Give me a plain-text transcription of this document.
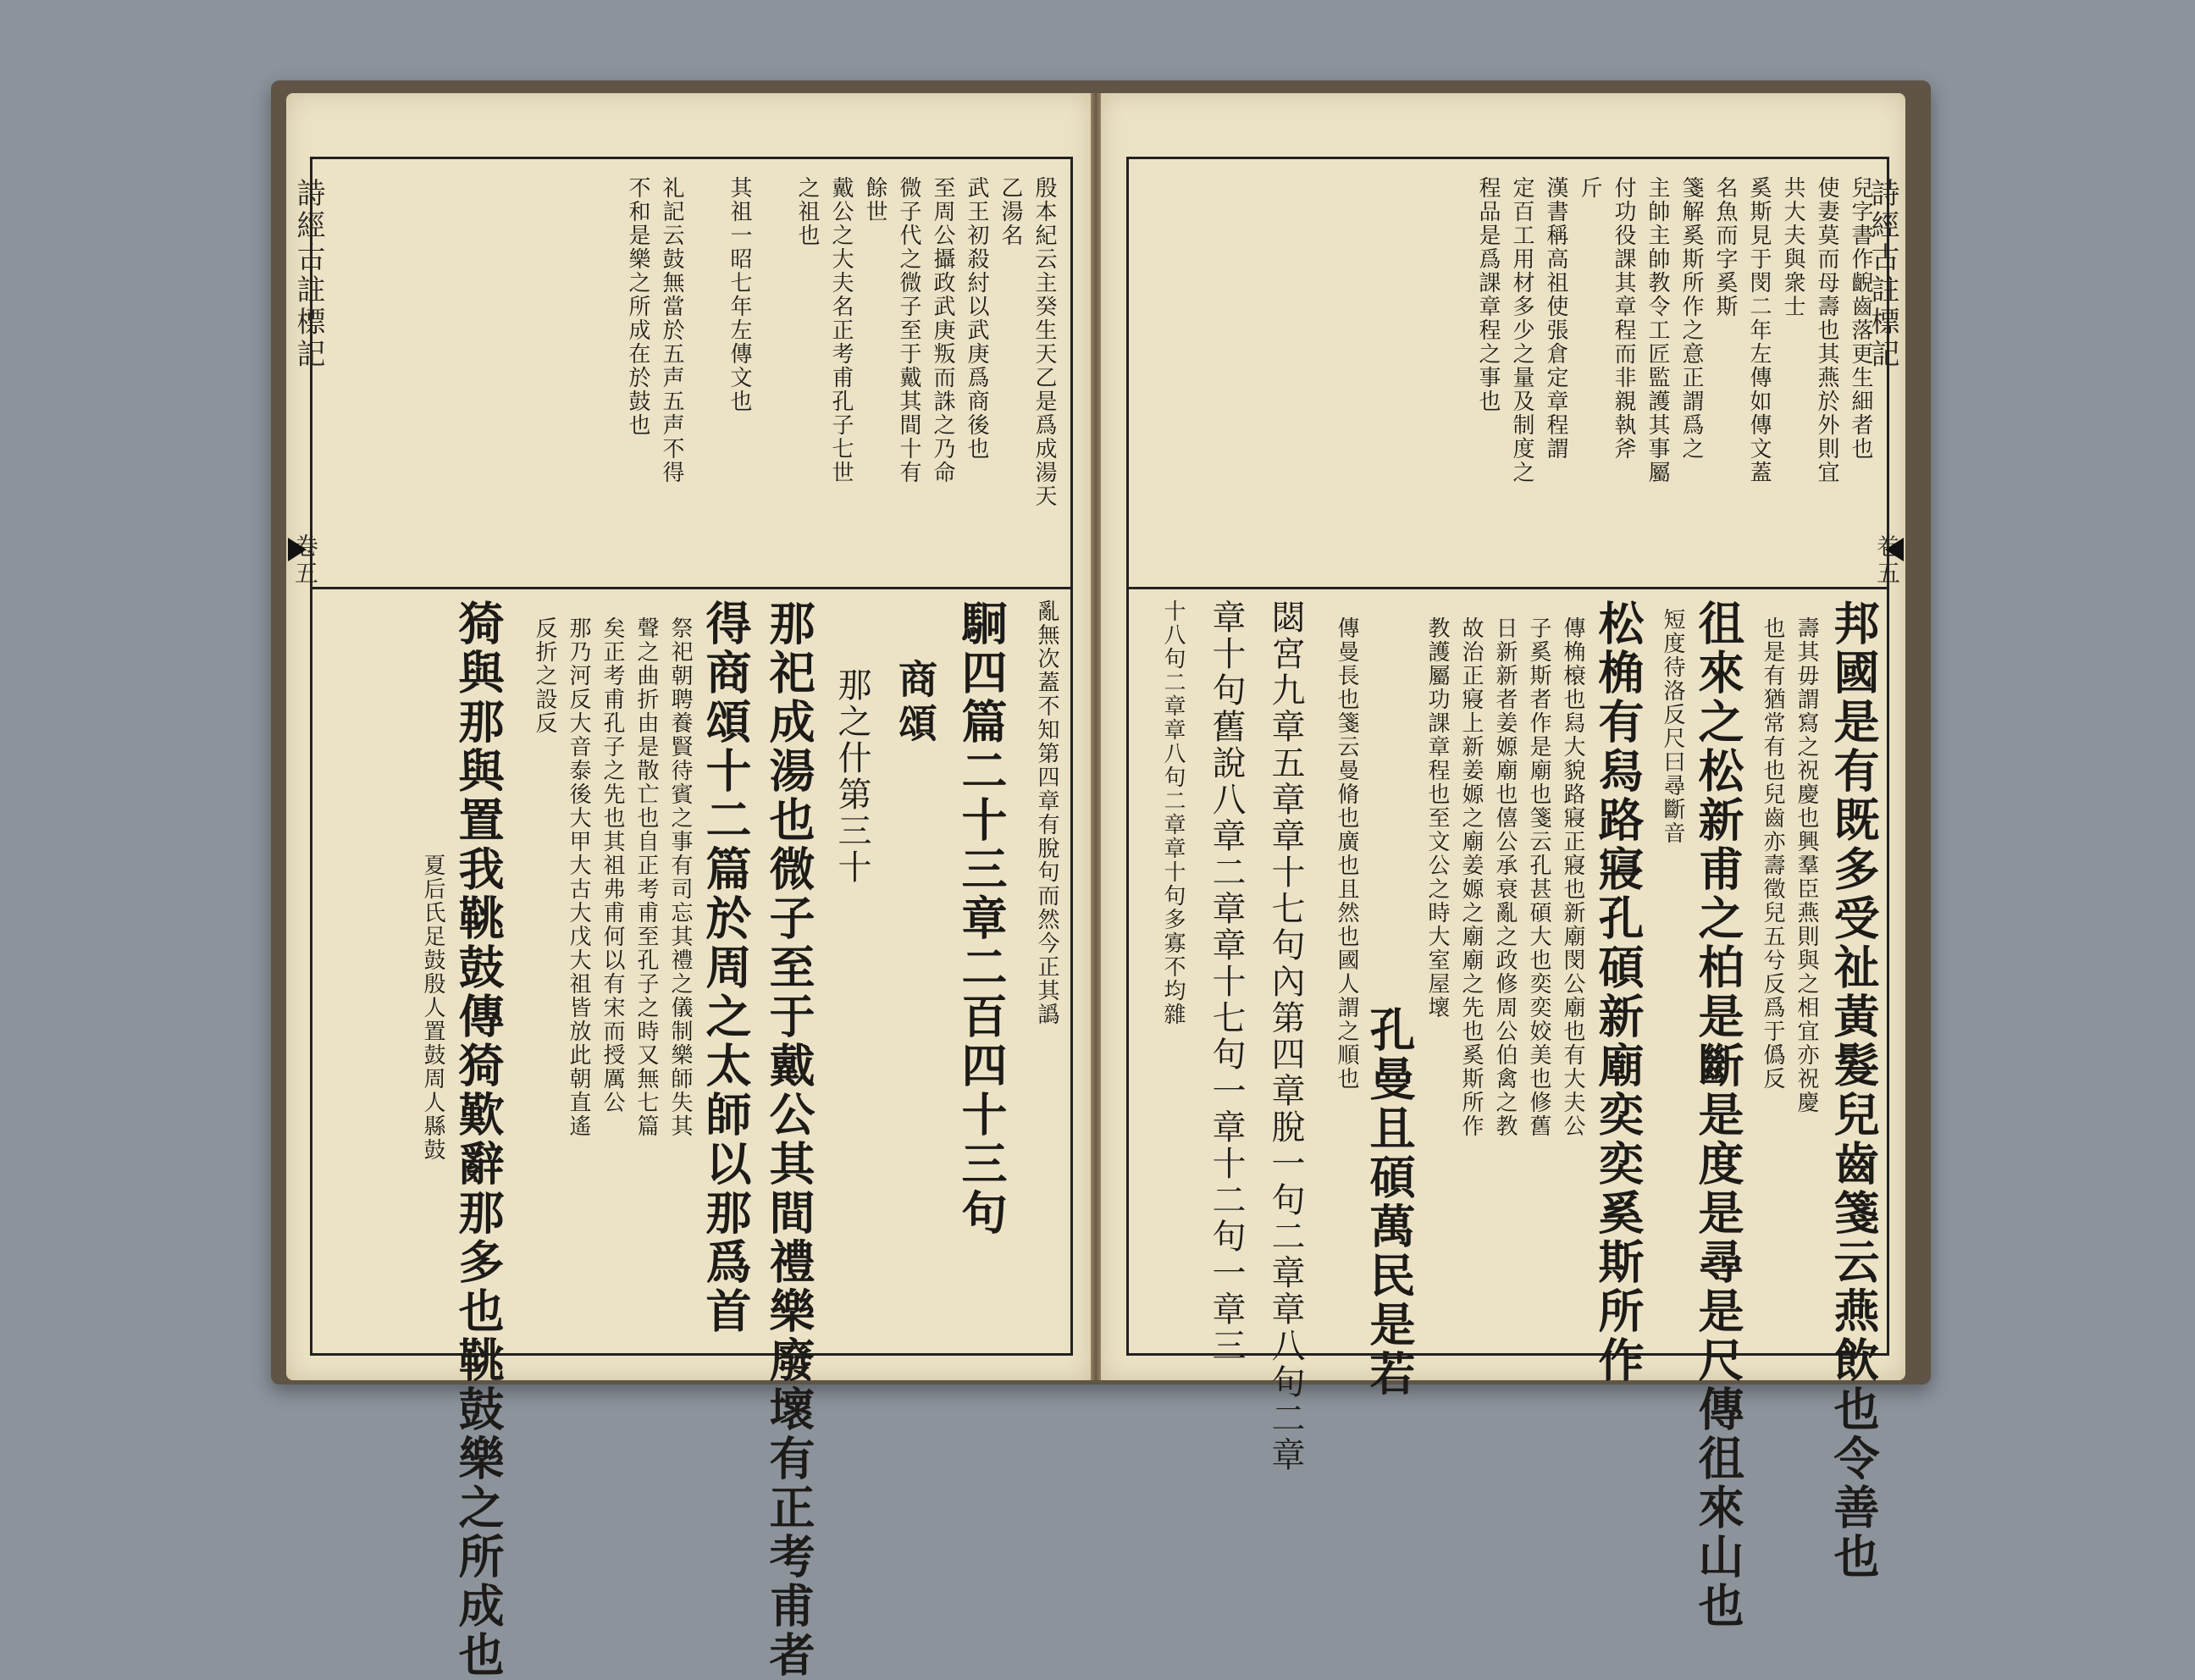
詩經古註標記
卷五
殷本紀云主癸生天乙是爲成湯天
乙湯名
武王初殺紂以武庚爲商後也
至周公攝政武庚叛而誅之乃命
微子代之微子至于戴其間十有
餘世
戴公之大夫名正考甫孔子七世
之祖也
其祖一昭七年左傳文也
礼記云鼓無當於五声五声不得
不和是樂之所成在於鼓也
亂無次蓋不知第四章有脫句而然今正其譌
駉四篇二十三章二百四十三句
商頌
那之什第三十
那祀成湯也微子至于戴公其間禮樂廢壞有正考甫者
得商頌十二篇於周之太師以那爲首
祭祀朝聘養賢待賓之事有司忘其禮之儀制樂師失其
聲之曲折由是散亡也自正考甫至孔子之時又無七篇
矣正考甫孔子之先也其祖弗甫何以有宋而授厲公
那乃河反大音泰後大甲大古大戊大祖皆放此朝直遙
反折之設反
猗與那與置我鞉鼓傳猗歎辭那多也鞉鼓樂之所成也
夏后氏足鼓殷人置鼓周人縣鼓
詩經古註標記
卷五
兒字書作齯齒落更生細者也
使妻莫而母壽也其燕於外則宜
共大夫與衆士
奚斯見于閔二年左傳如傳文蓋
名魚而字奚斯
箋解奚斯所作之意正謂爲之
主帥主帥教令工匠監護其事屬
付功役課其章程而非親執斧
斤
漢書稱高祖使張倉定章程謂
定百工用材多少之量及制度之
程品是爲課章程之事也
邦國是有既多受祉黃髮兒齒箋云燕飲也令善也
壽其毋謂寫之祝慶也興羣臣燕則與之相宜亦祝慶
也是有猶常有也兒齒亦壽徵兒五兮反爲于僞反
徂來之松新甫之柏是斷是度是尋是尺傳徂來山也
短度待洛反尺曰尋斷音
松桷有舄路寢孔碩新廟奕奕奚斯所作
傳桷榱也舄大貌路寢正寢也新廟閔公廟也有大夫公
子奚斯者作是廟也箋云孔甚碩大也奕奕姣美也修舊
日新新者姜嫄廟也僖公承衰亂之政修周公伯禽之教
故治正寢上新姜嫄之廟姜嫄之廟廟之先也奚斯所作
教護屬功課章程也至文公之時大室屋壞
孔曼且碩萬民是若
傳曼長也箋云曼脩也廣也且然也國人謂之順也
閟宮九章五章章十七句內第四章脫一句二章章八句二章
章十句舊說八章二章章十七句一章十二句一章三
十八句二章章八句二章章十句多寡不均雜
